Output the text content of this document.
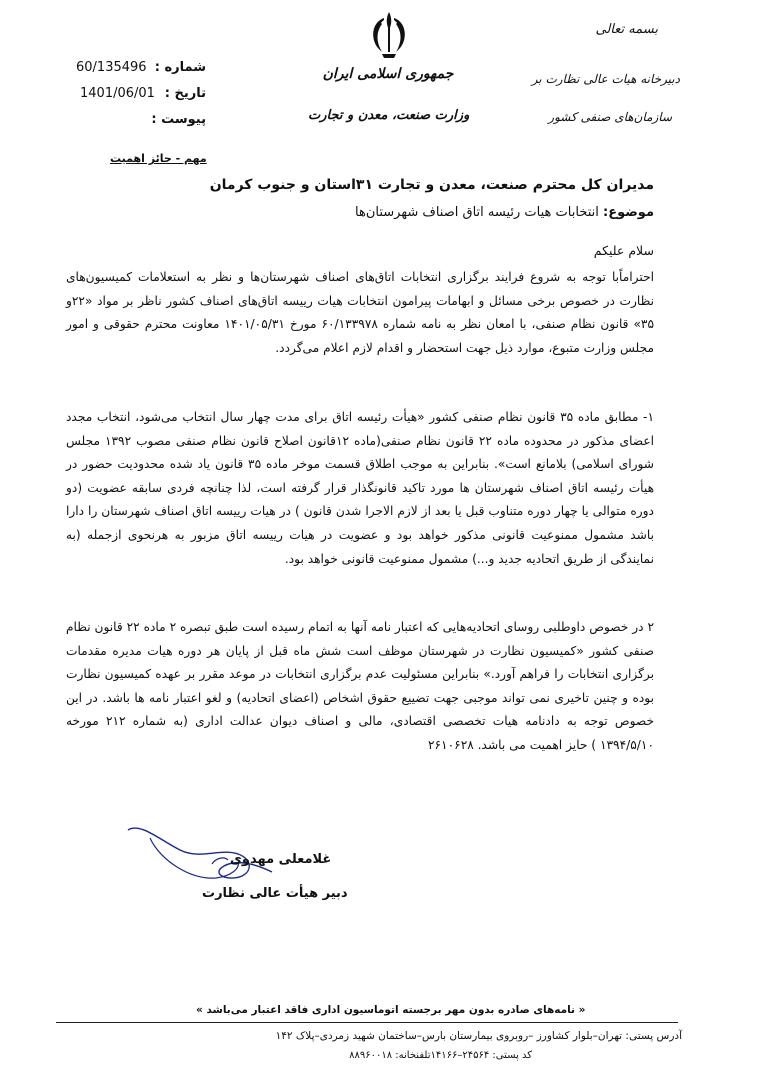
بسمه تعالی
دبیرخانه هیات عالی نظارت بر
سازمان‌های صنفی کشور
جمهوری اسلامی ایران
وزارت صنعت، معدن و تجارت
60/135496 شماره :
1401/06/01 تاریخ :
پیوست :
مهم - حائز اهمیت
مدیران کل محترم صنعت، معدن و تجارت ۳۱استان و جنوب کرمان
موضوع: انتخابات هیات رئیسه اتاق اصناف شهرستان‌ها
سلام علیکم
احتراماًبا توجه به شروع فرایند برگزاری انتخابات اتاق‌های اصناف شهرستان‌ها و نظر به استعلامات کمیسیون‌های نظارت در خصوص برخی مسائل و ابهامات پیرامون انتخابات هیات رییسه اتاق‌های اصناف کشور ناظر بر مواد «۲۲و ۳۵» قانون نظام صنفی، با امعان نظر به نامه شماره ۶۰/۱۳۳۹۷۸ مورخ ۱۴۰۱/۰۵/۳۱ معاونت محترم حقوقی و امور مجلس وزارت متبوع، موارد ذیل جهت استحضار و اقدام لازم اعلام می‌گردد.
۱- مطابق ماده ۳۵ قانون نظام صنفی کشور «هیأت رئیسه اتاق برای مدت چهار سال انتخاب می‌شود، انتخاب مجدد اعضای مذکور در محدوده ماده ۲۲ قانون نظام صنفی(ماده ۱۲قانون اصلاح قانون نظام صنفی مصوب ۱۳۹۲ مجلس شورای اسلامی) بلامانع است». بنابراین به موجب اطلاق قسمت موخر ماده ۳۵ قانون یاد شده محدودیت حضور در هیأت رئیسه اتاق اصناف شهرستان ها مورد تاکید قانونگذار قرار گرفته است، لذا چنانچه فردی سابقه عضویت (دو دوره متوالی یا چهار دوره متناوب قبل یا بعد از لازم الاجرا شدن قانون ) در هیات رییسه اتاق اصناف شهرستان را دارا باشد مشمول ممنوعیت قانونی مذکور خواهد بود و عضویت در هیات رییسه اتاق مزبور به هرنحوی ازجمله (به نمایندگی از طریق اتحادیه جدید و...) مشمول ممنوعیت قانونی خواهد بود.
۲ در خصوص داوطلبی روسای اتحادیه‌هایی که اعتبار نامه آنها به اتمام رسیده است طبق تبصره ۲ ماده ۲۲ قانون نظام صنفی کشور «کمیسیون نظارت در شهرستان موظف است شش ماه قبل از پایان هر دوره هیات مدیره مقدمات برگزاری انتخابات را فراهم آورد.» بنابراین مسئولیت عدم برگزاری انتخابات در موعد مقرر بر عهده کمیسیون نظارت بوده و چنین تاخیری نمی تواند موجبی جهت تضییع حقوق اشخاص (اعضای اتحادیه) و لغو اعتبار نامه ها باشد. در این خصوص توجه به دادنامه هیات تخصصی اقتصادی، مالی و اصناف دیوان عدالت اداری (به شماره ۲۱۲ مورخه ۱۳۹۴/۵/۱۰ ) حایز اهمیت می باشد. ۲۶۱۰۶۲۸
غلامعلی مهدوی
دبیر هیأت عالی نظارت
« نامه‌های صادره بدون مهر برجسته اتوماسیون اداری فاقد اعتبار می‌باشد »
آدرس پستی: تهران–بلوار کشاورز –روبروی بیمارستان بارس–ساختمان شهید زمردی–پلاک ۱۴۲
کد پستی: ۲۴۵۶۴–۱۴۱۶۶تلفنخانه: ۸۸۹۶۰۰۱۸
